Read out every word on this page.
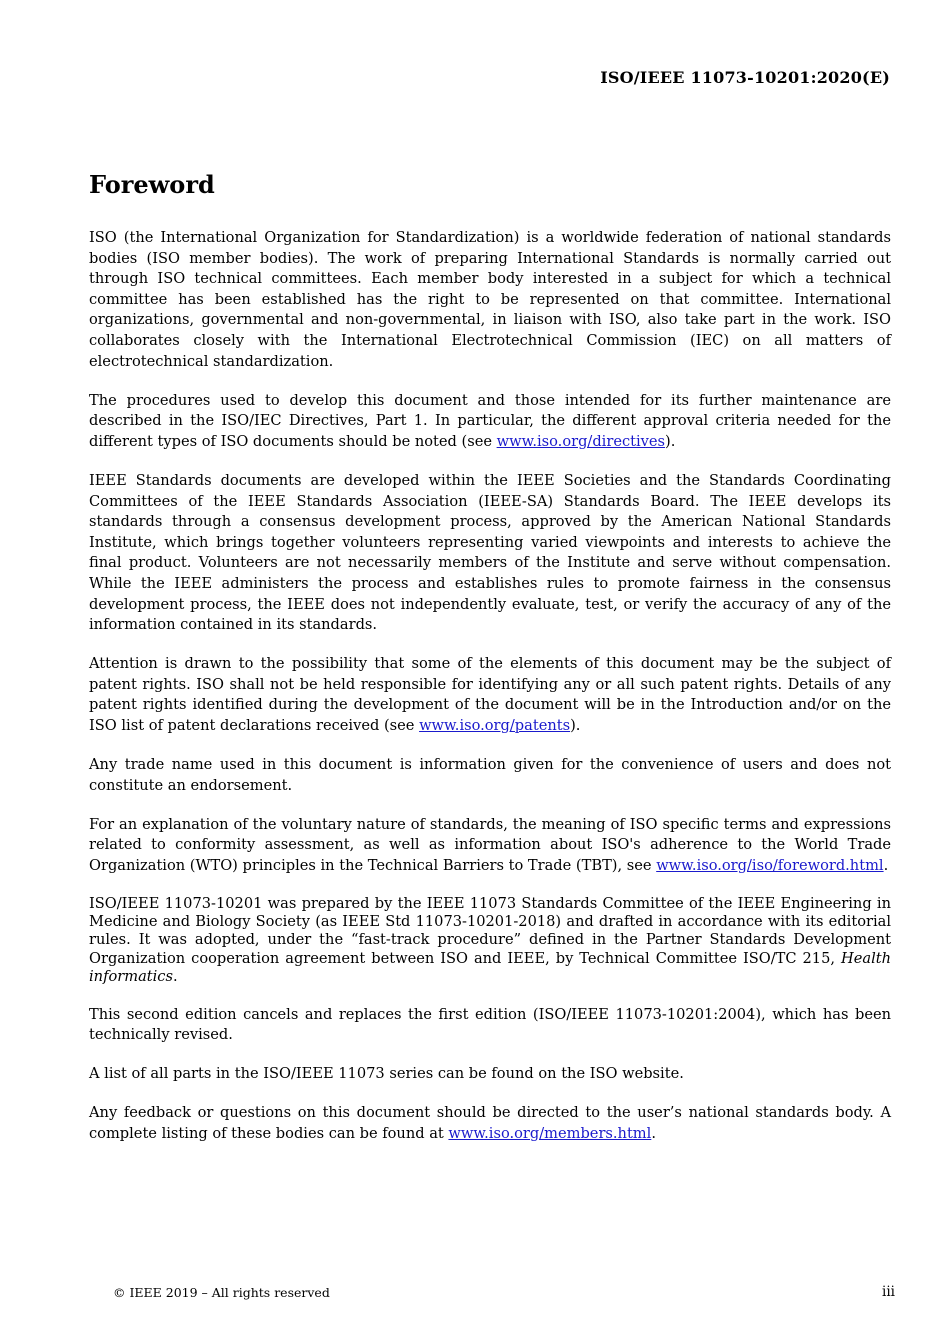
ISO/IEEE 11073-10201:2020(E)
Foreword

ISO (the International Organization for Standardization) is a worldwide federation of national standards bodies (ISO member bodies). The work of preparing International Standards is normally carried out through ISO technical committees. Each member body interested in a subject for which a technical committee has been established has the right to be represented on that committee. International organizations, governmental and non-governmental, in liaison with ISO, also take part in the work. ISO collaborates closely with the International Electrotechnical Commission (IEC) on all matters of electrotechnical standardization.

The procedures used to develop this document and those intended for its further maintenance are described in the ISO/IEC Directives, Part 1. In particular, the different approval criteria needed for the different types of ISO documents should be noted (see www.iso.org/directives).

IEEE Standards documents are developed within the IEEE Societies and the Standards Coordinating Committees of the IEEE Standards Association (IEEE-SA) Standards Board. The IEEE develops its standards through a consensus development process, approved by the American National Standards Institute, which brings together volunteers representing varied viewpoints and interests to achieve the final product. Volunteers are not necessarily members of the Institute and serve without compensation. While the IEEE administers the process and establishes rules to promote fairness in the consensus development process, the IEEE does not independently evaluate, test, or verify the accuracy of any of the information contained in its standards.

Attention is drawn to the possibility that some of the elements of this document may be the subject of patent rights. ISO shall not be held responsible for identifying any or all such patent rights. Details of any patent rights identified during the development of the document will be in the Introduction and/or on the ISO list of patent declarations received (see www.iso.org/patents).

Any trade name used in this document is information given for the convenience of users and does not constitute an endorsement.

For an explanation of the voluntary nature of standards, the meaning of ISO specific terms and expressions related to conformity assessment, as well as information about ISO's adherence to the World Trade Organization (WTO) principles in the Technical Barriers to Trade (TBT), see www.iso.org/iso/foreword.html.

ISO/IEEE 11073-10201 was prepared by the IEEE 11073 Standards Committee of the IEEE Engineering in Medicine and Biology Society (as IEEE Std 11073-10201-2018) and drafted in accordance with its editorial rules. It was adopted, under the “fast-track procedure” defined in the Partner Standards Development Organization cooperation agreement between ISO and IEEE, by Technical Committee ISO/TC 215, Health informatics.

This second edition cancels and replaces the first edition (ISO/IEEE 11073-10201:2004), which has been technically revised.

A list of all parts in the ISO/IEEE 11073 series can be found on the ISO website.

Any feedback or questions on this document should be directed to the user’s national standards body. A complete listing of these bodies can be found at www.iso.org/members.html.

© IEEE 2019 – All rights reserved	iii
